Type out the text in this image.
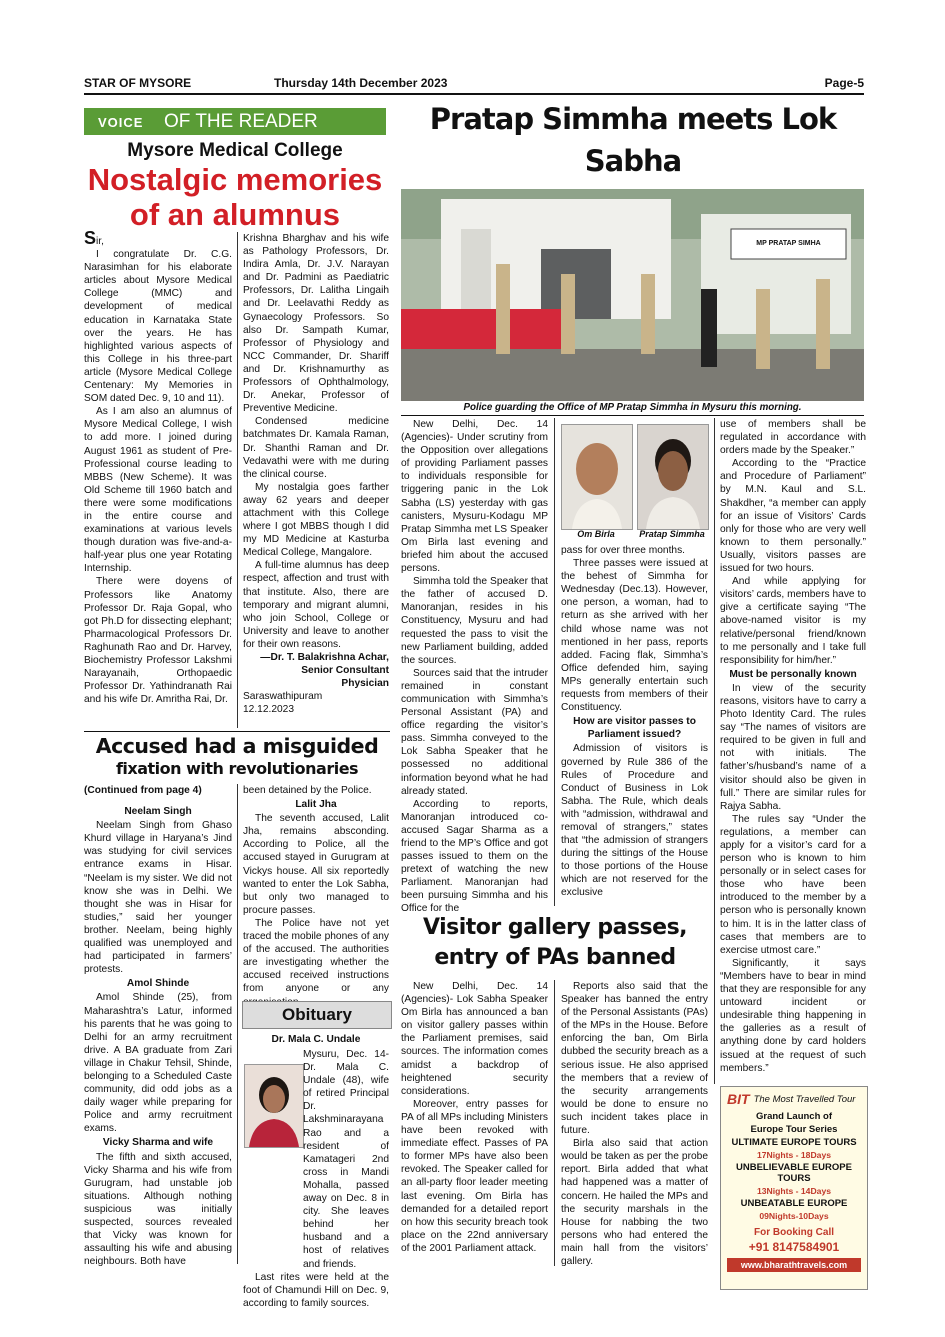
STAR OF MYSORE	Thursday 14th December 2023	Page-5
VOICE OF THE READER
Mysore Medical College
Nostalgic memories
of an alumnus

Sir,

I congratulate Dr. C.G. Narasimhan for his elaborate articles about Mysore Medical College (MMC) and development of medical education in Karnataka State over the years. He has highlighted various aspects of this College in his three-part article (Mysore Medical College Centenary: My Memories in SOM dated Dec. 9, 10 and 11).

As I am also an alumnus of Mysore Medical College, I wish to add more. I joined during August 1961 as student of Pre- Professional course leading to MBBS (New Scheme). It was Old Scheme till 1960 batch and there were some modifications in the entire course and examinations at various levels though duration was five-and-a-half-year plus one year Rotating Internship.

There were doyens of Professors like Anatomy Professor Dr. Raja Gopal, who got Ph.D for dissecting elephant; Pharmacological Professors Dr. Raghunath Rao and Dr. Harvey, Biochemistry Professor Lakshmi Narayanaih, Orthopaedic Professor Dr. Yathindranath Rai and his wife Dr. Amritha Rai, Dr.

Krishna Bharghav and his wife as Pathology Professors, Dr. Indira Amla, Dr. J.V. Narayan and Dr. Padmini as Paediatric Professors, Dr. Lalitha Lingaih and Dr. Leelavathi Reddy as Gynaecology Professors. So also Dr. Sampath Kumar, Professor of Physiology and NCC Commander, Dr. Shariff and Dr. Krishnamurthy as Professors of Ophthalmology, Dr. Anekar, Professor of Preventive Medicine.

Condensed medicine batchmates Dr. Kamala Raman, Dr. Shanthi Raman and Dr. Vedavathi were with me during the clinical course.

My nostalgia goes farther away 62 years and deeper attachment with this College where I got MBBS though I did my MD Medicine at Kasturba Medical College, Mangalore.

A full-time alumnus has deep respect, affection and trust with that institute. Also, there are temporary and migrant alumni, who join School, College or University and leave to another for their own reasons.

—Dr. T. Balakrishna Achar,

Senior Consultant Physician

Saraswathipuram

12.12.2023

Accused had a misguided
fixation with revolutionaries

(Continued from page 4)

Neelam Singh

Neelam Singh from Ghaso Khurd village in Haryana’s Jind was studying for civil services entrance exams in Hisar. “Neelam is my sister. We did not know she was in Delhi. We thought she was in Hisar for studies,” said her younger brother. Neelam, being highly qualified was unemployed and had participated in farmers’ protests.

Amol Shinde

Amol Shinde (25), from Maharashtra’s Latur, informed his parents that he was going to Delhi for an army recruitment drive. A BA graduate from Zari village in Chakur Tehsil, Shinde, belonging to a Scheduled Caste community, did odd jobs as a daily wager while preparing for Police and army recruitment exams.

Vicky Sharma and wife

The fifth and sixth accused, Vicky Sharma and his wife from Gurugram, had unstable job situations. Although nothing suspicious was initially suspected, sources revealed that Vicky was known for assaulting his wife and abusing neighbours. Both have

been detained by the Police.

Lalit Jha

The seventh accused, Lalit Jha, remains absconding. According to Police, all the accused stayed in Gurugram at Vickys house. All six reportedly wanted to enter the Lok Sabha, but only two managed to procure passes.

The Police have not yet traced the mobile phones of any of the accused. The authorities are investigating whether the accused received instructions from anyone or any

Obituary
Dr. Mala C. Undale

Mysuru, Dec. 14- Dr. Mala C. Undale (48), wife of retired Principal Dr. Lakshminarayana Rao and a resident of Kamatageri 2nd cross in Mandi Mohalla, passed away on Dec. 8 in city. She leaves behind her husband and a host of relatives and friends.

Last rites were held at the foot of Chamundi Hill on Dec. 9, according to family sources.

Pratap Simmha meets Lok Sabha
MP PRATAP SIMHA
Police guarding the Office of MP Pratap Simmha in Mysuru this morning.

New Delhi, Dec. 14 (Agencies)- Under scrutiny from the Opposition over allegations of providing Parliament passes to individuals responsible for triggering panic in the Lok Sabha (LS) yesterday with gas canisters, Mysuru-Kodagu MP Pratap Simmha met LS Speaker Om Birla last evening and briefed him about the accused persons.

Simmha told the Speaker that the father of accused D. Manoranjan, resides in his Constituency, Mysuru and had requested the pass to visit the new Parliament building, added the sources.

Sources said that the intruder remained in constant communication with Simmha’s Personal Assistant (PA) and office regarding the visitor’s pass. Simmha conveyed to the Lok Sabha Speaker that he possessed no additional information beyond what he had already stated.

According to reports, Manoranjan introduced co-accused Sagar Sharma as a friend to the MP’s Office and got passes issued to them on the pretext of watching the new Parliament. Manoranjan had been pursuing Simmha and his Office for the

Om Birla	Pratap Simmha

pass for over three months.

Three passes were issued at the behest of Simmha for Wednesday (Dec.13). However, one person, a woman, had to return as she arrived with her child whose name was not mentioned in her pass, reports added. Facing flak, Simmha’s Office defended him, saying MPs generally entertain such requests from members of their Constituency.

How are visitor passes to Parliament issued?

Admission of visitors is governed by Rule 386 of the Rules of Procedure and Conduct of Business in Lok Sabha. The Rule, which deals with “admission, withdrawal and removal of strangers,” states that “the admission of strangers during the sittings of the House to those portions of the House which are not reserved for the exclusive

use of members shall be regulated in accordance with orders made by the Speaker.”

According to the “Practice and Procedure of Parliament” by M.N. Kaul and S.L. Shakdher, “a member can apply for an issue of Visitors’ Cards only for those who are very well known to them personally.” Usually, visitors passes are issued for two hours.

And while applying for visitors’ cards, members have to give a certificate saying “The above-named visitor is my relative/personal friend/known to me personally and I take full responsibility for him/her.”

Must be personally known

In view of the security reasons, visitors have to carry a Photo Identity Card. The rules say “The names of visitors are required to be given in full and not with initials. The father’s/husband’s name of a visitor should also be given in full.” There are similar rules for Rajya Sabha.

The rules say “Under the regulations, a member can apply for a visitor’s card for a person who is known to him personally or in select cases for those who have been introduced to the member by a person who is personally known to him. It is in the latter class of cases that members are to exercise utmost care.”

Significantly, it says “Members have to bear in mind that they are responsible for any untoward incident or undesirable thing happening in the galleries as a result of anything done by card holders issued at the request of such members.”

Visitor gallery passes,
entry of PAs banned

New Delhi, Dec. 14 (Agencies)- Lok Sabha Speaker Om Birla has announced a ban on visitor gallery passes within the Parliament premises, said sources. The information comes amidst a backdrop of heightened security considerations.

Moreover, entry passes for PA of all MPs including Ministers have been revoked with immediate effect. Passes of PA to former MPs have also been revoked. The Speaker called for an all-party floor leader meeting last evening. Om Birla has demanded for a detailed report on how this security breach took place on the 22nd anniversary of the 2001 Parliament attack.

Reports also said that the Speaker has banned the entry of the Personal Assistants (PAs) of the MPs in the House. Before enforcing the ban, Om Birla dubbed the security breach as a serious issue. He also apprised the members that a review of the security arrangements would be done to ensure no such incident takes place in future.

Birla also said that action would be taken as per the probe report. Birla added that what had happened was a matter of concern. He hailed the MPs and the security marshals in the House for nabbing the two persons who had entered the main hall from the visitors’ gallery.

BIT The Most Travelled Tour
Grand Launch of
Europe Tour Series
ULTIMATE EUROPE TOURS
17Nights - 18Days
UNBELIEVABLE EUROPE TOURS
13Nights - 14Days
UNBEATABLE EUROPE
09Nights-10Days
For Booking Call
+91 8147584901
www.bharathtravels.com
